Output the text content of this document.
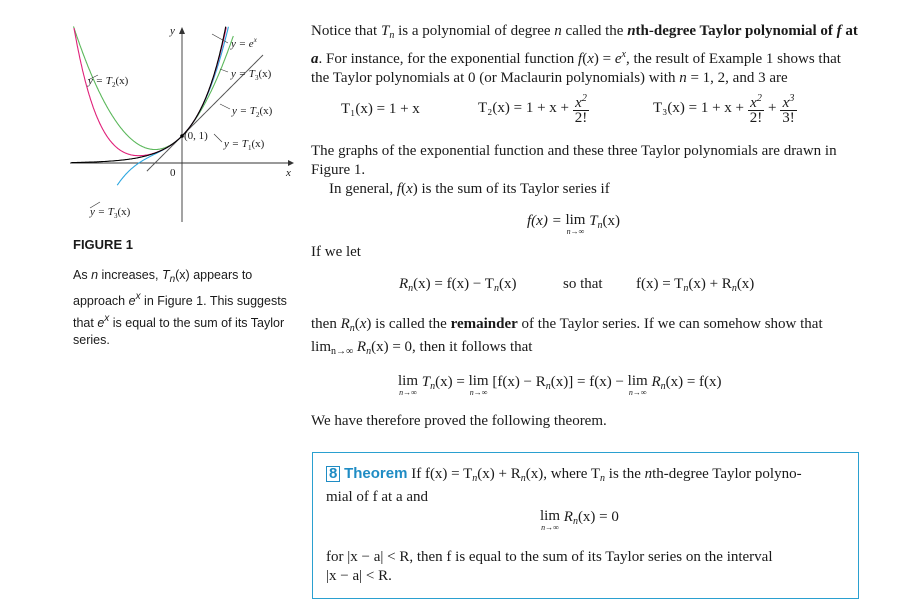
y
x
0
(0, 1)
$y = e^x$
$y = T_3(x)$
$y = T_2(x)$
$y = T_1(x)$
$y = T_2(x)$
$y = T_3(x)$
FIGURE 1
As n increases, $T_n(x)$ appears to approach $e^x$ in Figure 1. This suggests that $e^x$ is equal to the sum of its Taylor series.
Notice that $T_n$ is a polynomial of degree n called the nth-degree Taylor polynomial of f at a. For instance, for the exponential function $f(x) = e^x$, the result of Example 1 shows that the Taylor polynomials at 0 (or Maclaurin polynomials) with n = 1, 2, and 3 are
T₁(x) = 1 + x	$T_2(x) = 1 + x + \frac{x^2}{2!}$	$T_3(x) = 1 + x + \frac{x^2}{2!} + \frac{x^3}{3!}$
The graphs of the exponential function and these three Taylor polynomials are drawn in Figure 1.
In general, f(x) is the sum of its Taylor series if
f(x) = lim
n→∞
$T_n(x)$
If we let
$R_n(x) = f(x) - T_n(x)$	so that $f(x) = T_n(x) + R_n(x)$
then $R_n(x)$ is called the remainder of the Taylor series. If we can somehow show that
$\lim_{n\to\infty} R_n(x) = 0$, then it follows that
lim
n→∞
$T_n(x) = \lim$
n→∞
$[f(x) - R_n(x)] = f(x) - \lim$
n→∞
$R_n(x) = f(x)$
We have therefore proved the following theorem.
8 Theorem If $f(x) = T_n(x) + R_n(x)$, where $T_n$ is the nth-degree Taylor polyno-
mial of f at a and
lim
n→∞
$R_n(x) = 0$
for |x − a| < R, then f is equal to the sum of its Taylor series on the interval
|x − a| < R.
